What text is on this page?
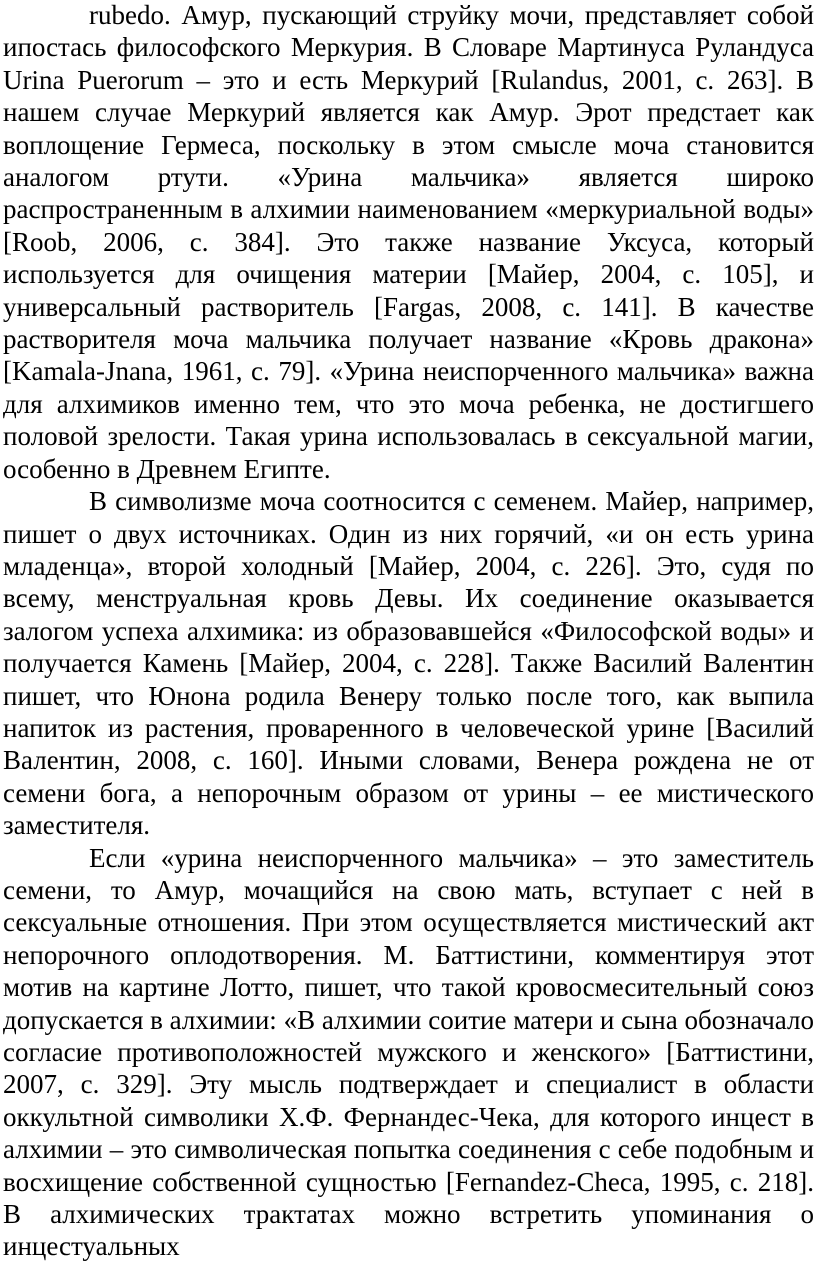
rubedo. Амур, пускающий струйку мочи, представляет собой ипостась философского Меркурия. В Словаре Мартинуса Руландуса Urina Puerorum – это и есть Меркурий [Rulandus, 2001, с. 263]. В нашем случае Меркурий является как Амур. Эрот предстает как воплощение Гермеса, поскольку в этом смысле моча становится аналогом ртути. «Урина мальчика» является широко распространенным в алхимии наименованием «меркуриальной воды» [Roob, 2006, с. 384]. Это также название Уксуса, который используется для очищения материи [Майер, 2004, с. 105], и универсальный растворитель [Fargas, 2008, с. 141]. В качестве растворителя моча мальчика получает название «Кровь дракона» [Kamala-Jnana, 1961, с. 79]. «Урина неиспорченного мальчика» важна для алхимиков именно тем, что это моча ребенка, не достигшего половой зрелости. Такая урина использовалась в сексуальной магии, особенно в Древнем Египте.

В символизме моча соотносится с семенем. Майер, например, пишет о двух источниках. Один из них горячий, «и он есть урина младенца», второй холодный [Майер, 2004, с. 226]. Это, судя по всему, менструальная кровь Девы. Их соединение оказывается залогом успеха алхимика: из образовавшейся «Философской воды» и получается Камень [Майер, 2004, с. 228]. Также Василий Валентин пишет, что Юнона родила Венеру только после того, как выпила напиток из растения, проваренного в человеческой урине [Василий Валентин, 2008, с. 160]. Иными словами, Венера рождена не от семени бога, а непорочным образом от урины – ее мистического заместителя.

Если «урина неиспорченного мальчика» – это заместитель семени, то Амур, мочащийся на свою мать, вступает с ней в сексуальные отношения. При этом осуществляется мистический акт непорочного оплодотворения. М. Баттистини, комментируя этот мотив на картине Лотто, пишет, что такой кровосмесительный союз допускается в алхимии: «В алхимии соитие матери и сына обозначало согласие противоположностей мужского и женского» [Баттистини, 2007, с. 329]. Эту мысль подтверждает и специалист в области оккультной символики Х.Ф. Фернандес-Чека, для которого инцест в алхимии – это символическая попытка соединения с себе подобным и восхищение собственной сущностью [Fernandez-Checa, 1995, с. 218]. В алхимических трактатах можно встретить упоминания о инцестуальных
